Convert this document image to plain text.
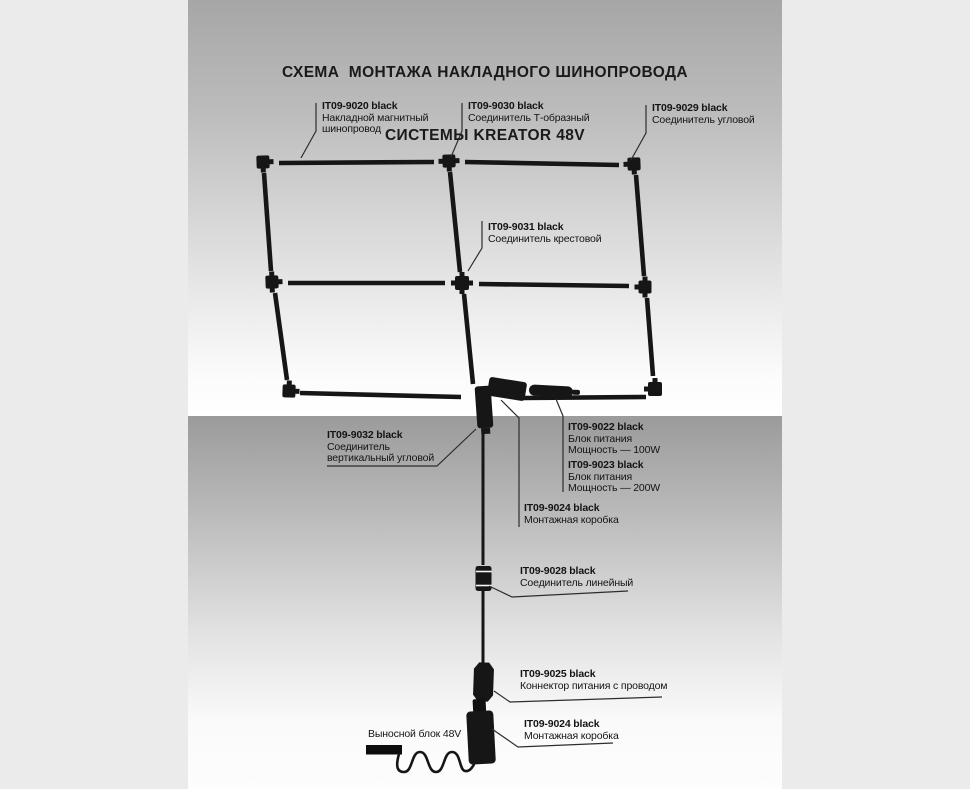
СХЕМА  МОНТАЖА НАКЛАДНОГО ШИНОПРОВОДА

СИСТЕМЫ KREATOR 48V

IT09-9020 black
Накладной магнитный
шинопровод
IT09-9030 black
Соединитель Т-образный
IT09-9029 black
Соединитель угловой
IT09-9031 black
Соединитель крестовой
IT09-9032 black
Соединитель
вертикальный угловой
IT09-9022 black
Блок питания
Мощность — 100W
IT09-9023 black
Блок питания
Мощность — 200W
IT09-9024 black
Монтажная коробка
IT09-9028 black
Соединитель линейный
IT09-9025 black
Коннектор питания с проводом
IT09-9024 black
Монтажная коробка
Выносной блок 48V
